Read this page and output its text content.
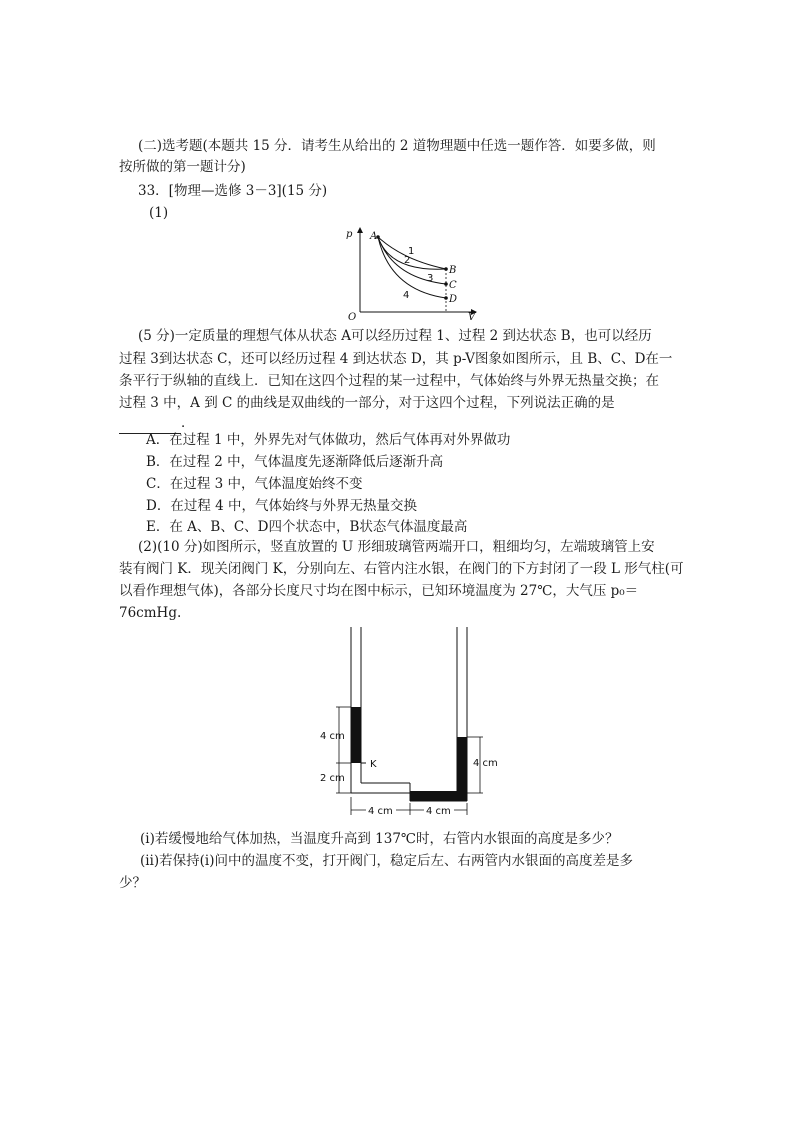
(二)选考题(本题共 15 分．请考生从给出的 2 道物理题中任选一题作答．如要多做，则
按所做的第一题计分)
33．[物理—选修 3－3](15 分)
(1)
p
V
O
A
B
C
D
1
2
3
4
(5 分)一定质量的理想气体从状态 A可以经历过程 1、过程 2 到达状态 B，也可以经历
过程 3到达状态 C，还可以经历过程 4 到达状态 D，其 p-V图象如图所示，且 B、C、D在一
条平行于纵轴的直线上．已知在这四个过程的某一过程中，气体始终与外界无热量交换；在
过程 3 中，A 到 C 的曲线是双曲线的一部分，对于这四个过程，下列说法正确的是
．
A．在过程 1 中，外界先对气体做功，然后气体再对外界做功
B．在过程 2 中，气体温度先逐渐降低后逐渐升高
C．在过程 3 中，气体温度始终不变
D．在过程 4 中，气体始终与外界无热量交换
E．在 A、B、C、D四个状态中，B状态气体温度最高
(2)(10 分)如图所示，竖直放置的 U 形细玻璃管两端开口，粗细均匀，左端玻璃管上安
装有阀门 K．现关闭阀门 K，分别向左、右管内注水银，在阀门的下方封闭了一段 L 形气柱(可
以看作理想气体)，各部分长度尺寸均在图中标示，已知环境温度为 27℃，大气压 p₀＝
76cmHg.
K
4 cm
2 cm
4 cm
4 cm	4 cm
(ⅰ)若缓慢地给气体加热，当温度升高到 137℃时，右管内水银面的高度是多少？
(ⅱ)若保持(ⅰ)问中的温度不变，打开阀门，稳定后左、右两管内水银面的高度差是多
少？
